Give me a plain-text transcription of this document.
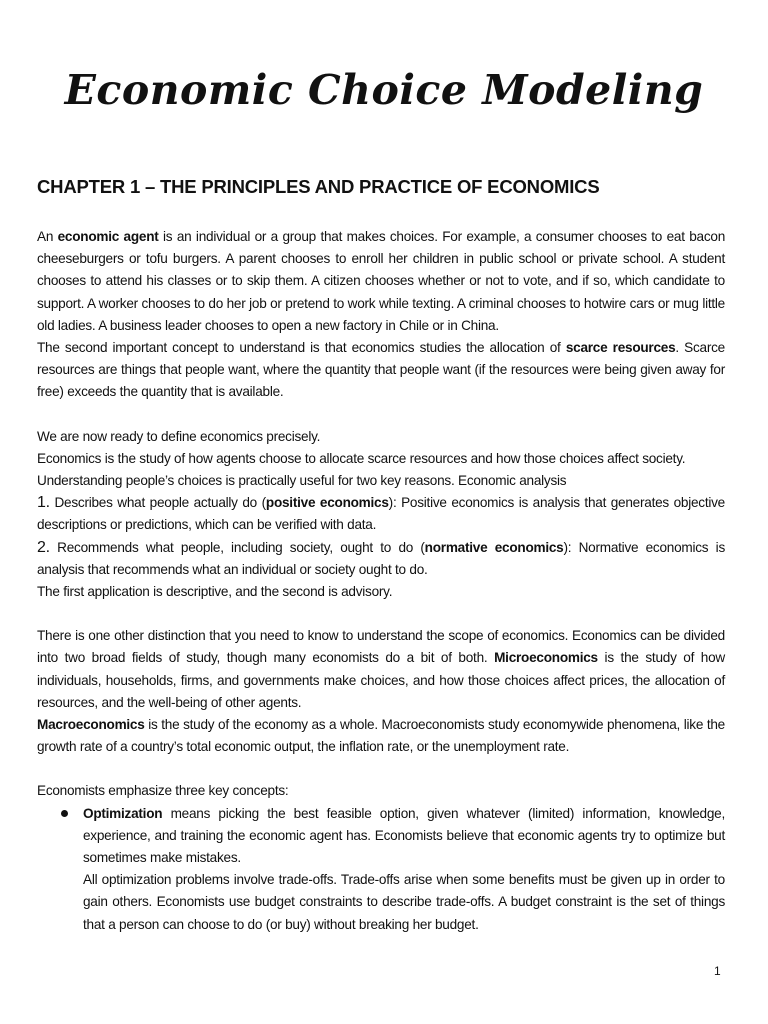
Economic Choice Modeling
CHAPTER 1 – THE PRINCIPLES AND PRACTICE OF ECONOMICS

An economic agent is an individual or a group that makes choices. For example, a consumer chooses to eat bacon cheeseburgers or tofu burgers. A parent chooses to enroll her children in public school or private school. A student chooses to attend his classes or to skip them. A citizen chooses whether or not to vote, and if so, which candidate to support. A worker chooses to do her job or pretend to work while texting. A criminal chooses to hotwire cars or mug little old ladies. A business leader chooses to open a new factory in Chile or in China.

The second important concept to understand is that economics studies the allocation of scarce resources. Scarce resources are things that people want, where the quantity that people want (if the resources were being given away for free) exceeds the quantity that is available.

We are now ready to define economics precisely.

Economics is the study of how agents choose to allocate scarce resources and how those choices affect society.

Understanding people’s choices is practically useful for two key reasons. Economic analysis

1. Describes what people actually do (positive economics): Positive economics is analysis that generates objective descriptions or predictions, which can be verified with data.

2. Recommends what people, including society, ought to do (normative economics): Normative economics is analysis that recommends what an individual or society ought to do.

The first application is descriptive, and the second is advisory.

There is one other distinction that you need to know to understand the scope of economics. Economics can be divided into two broad fields of study, though many economists do a bit of both. Microeconomics is the study of how individuals, households, firms, and governments make choices, and how those choices affect prices, the allocation of resources, and the well-being of other agents.

Macroeconomics is the study of the economy as a whole. Macroeconomists study economywide phenomena, like the growth rate of a country’s total economic output, the inflation rate, or the unemployment rate.

Economists emphasize three key concepts:

Optimization means picking the best feasible option, given whatever (limited) information, knowledge, experience, and training the economic agent has. Economists believe that economic agents try to optimize but sometimes make mistakes.

All optimization problems involve trade-offs. Trade-offs arise when some benefits must be given up in order to gain others. Economists use budget constraints to describe trade-offs. A budget constraint is the set of things that a person can choose to do (or buy) without breaking her budget.

1
